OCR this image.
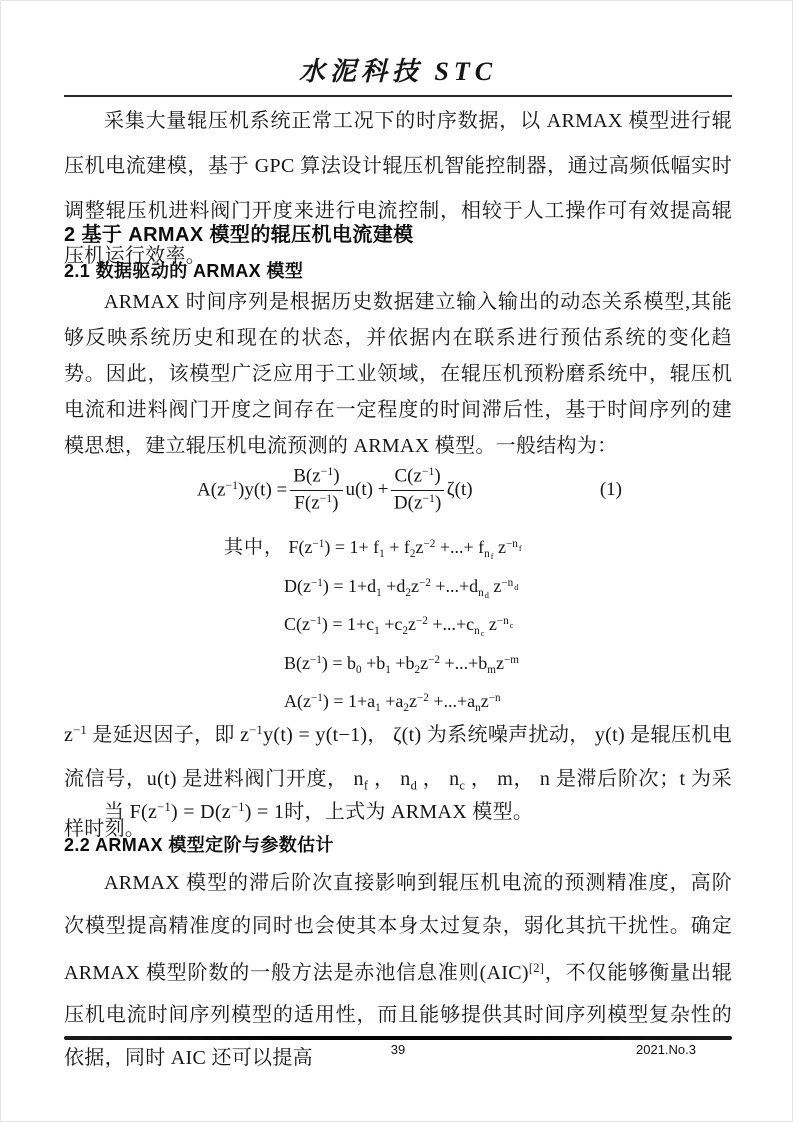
水泥科技 STC
采集大量辊压机系统正常工况下的时序数据，以 ARMAX 模型进行辊压机电流建模，基于 GPC 算法设计辊压机智能控制器，通过高频低幅实时调整辊压机进料阀门开度来进行电流控制，相较于人工操作可有效提高辊压机运行效率。
2 基于 ARMAX 模型的辊压机电流建模
2.1 数据驱动的 ARMAX 模型
ARMAX 时间序列是根据历史数据建立输入输出的动态关系模型,其能够反映系统历史和现在的状态，并依据内在联系进行预估系统的变化趋势。因此，该模型广泛应用于工业领域，在辊压机预粉磨系统中，辊压机电流和进料阀门开度之间存在一定程度的时间滞后性，基于时间序列的建模思想，建立辊压机电流预测的 ARMAX 模型。一般结构为：
$A(z^{-1})y(t) = \frac{B(z^{-1})}{F(z^{-1})} u(t) + \frac{C(z^{-1})}{D(z^{-1})} \zeta(t)$	(1)
其中， $F(z^{-1}) = 1+ f_1 + f_2z^{-2}$ +...+ $f_{nf}$ $z^{-n}f$
$D(z^{-1}) = 1+d_1 +d_2z^{-2} +...+d_{nd}$ $z^{-n}d$
$C(z^{-1}) = 1+c_1 +c_2z^{-2} +...+c_{nc}$ $z^{-n}c$
$B(z^{-1}) = b_0 +b_1 +b_2z^{-2} +...+b_mz^{-m}$
$A(z^{-1}) = 1+a_1 +a_2z^{-2} +...+a_nz^{-n}$
$z^{-1}$ 是延迟因子，即 $z^{-1}y(t) = y(t-1)$， ζ(t) 为系统噪声扰动， y(t) 是辊压机电流信号，u(t) 是进料阀门开度， $n_f$ ， $n_d$ ， $n_c$ ， m， n 是滞后阶次；t 为采样时刻。
当 $F(z^{-1}) = D(z^{-1}) = 1$时，上式为 ARMAX 模型。
2.2 ARMAX 模型定阶与参数估计
ARMAX 模型的滞后阶次直接影响到辊压机电流的预测精准度，高阶次模型提高精准度的同时也会使其本身太过复杂，弱化其抗干扰性。确定 ARMAX 模型阶数的一般方法是赤池信息准则(AIC)[2]，不仅能够衡量出辊压机电流时间序列模型的适用性，而且能够提供其时间序列模型复杂性的依据，同时 AIC 还可以提高	39	2021.No.3
